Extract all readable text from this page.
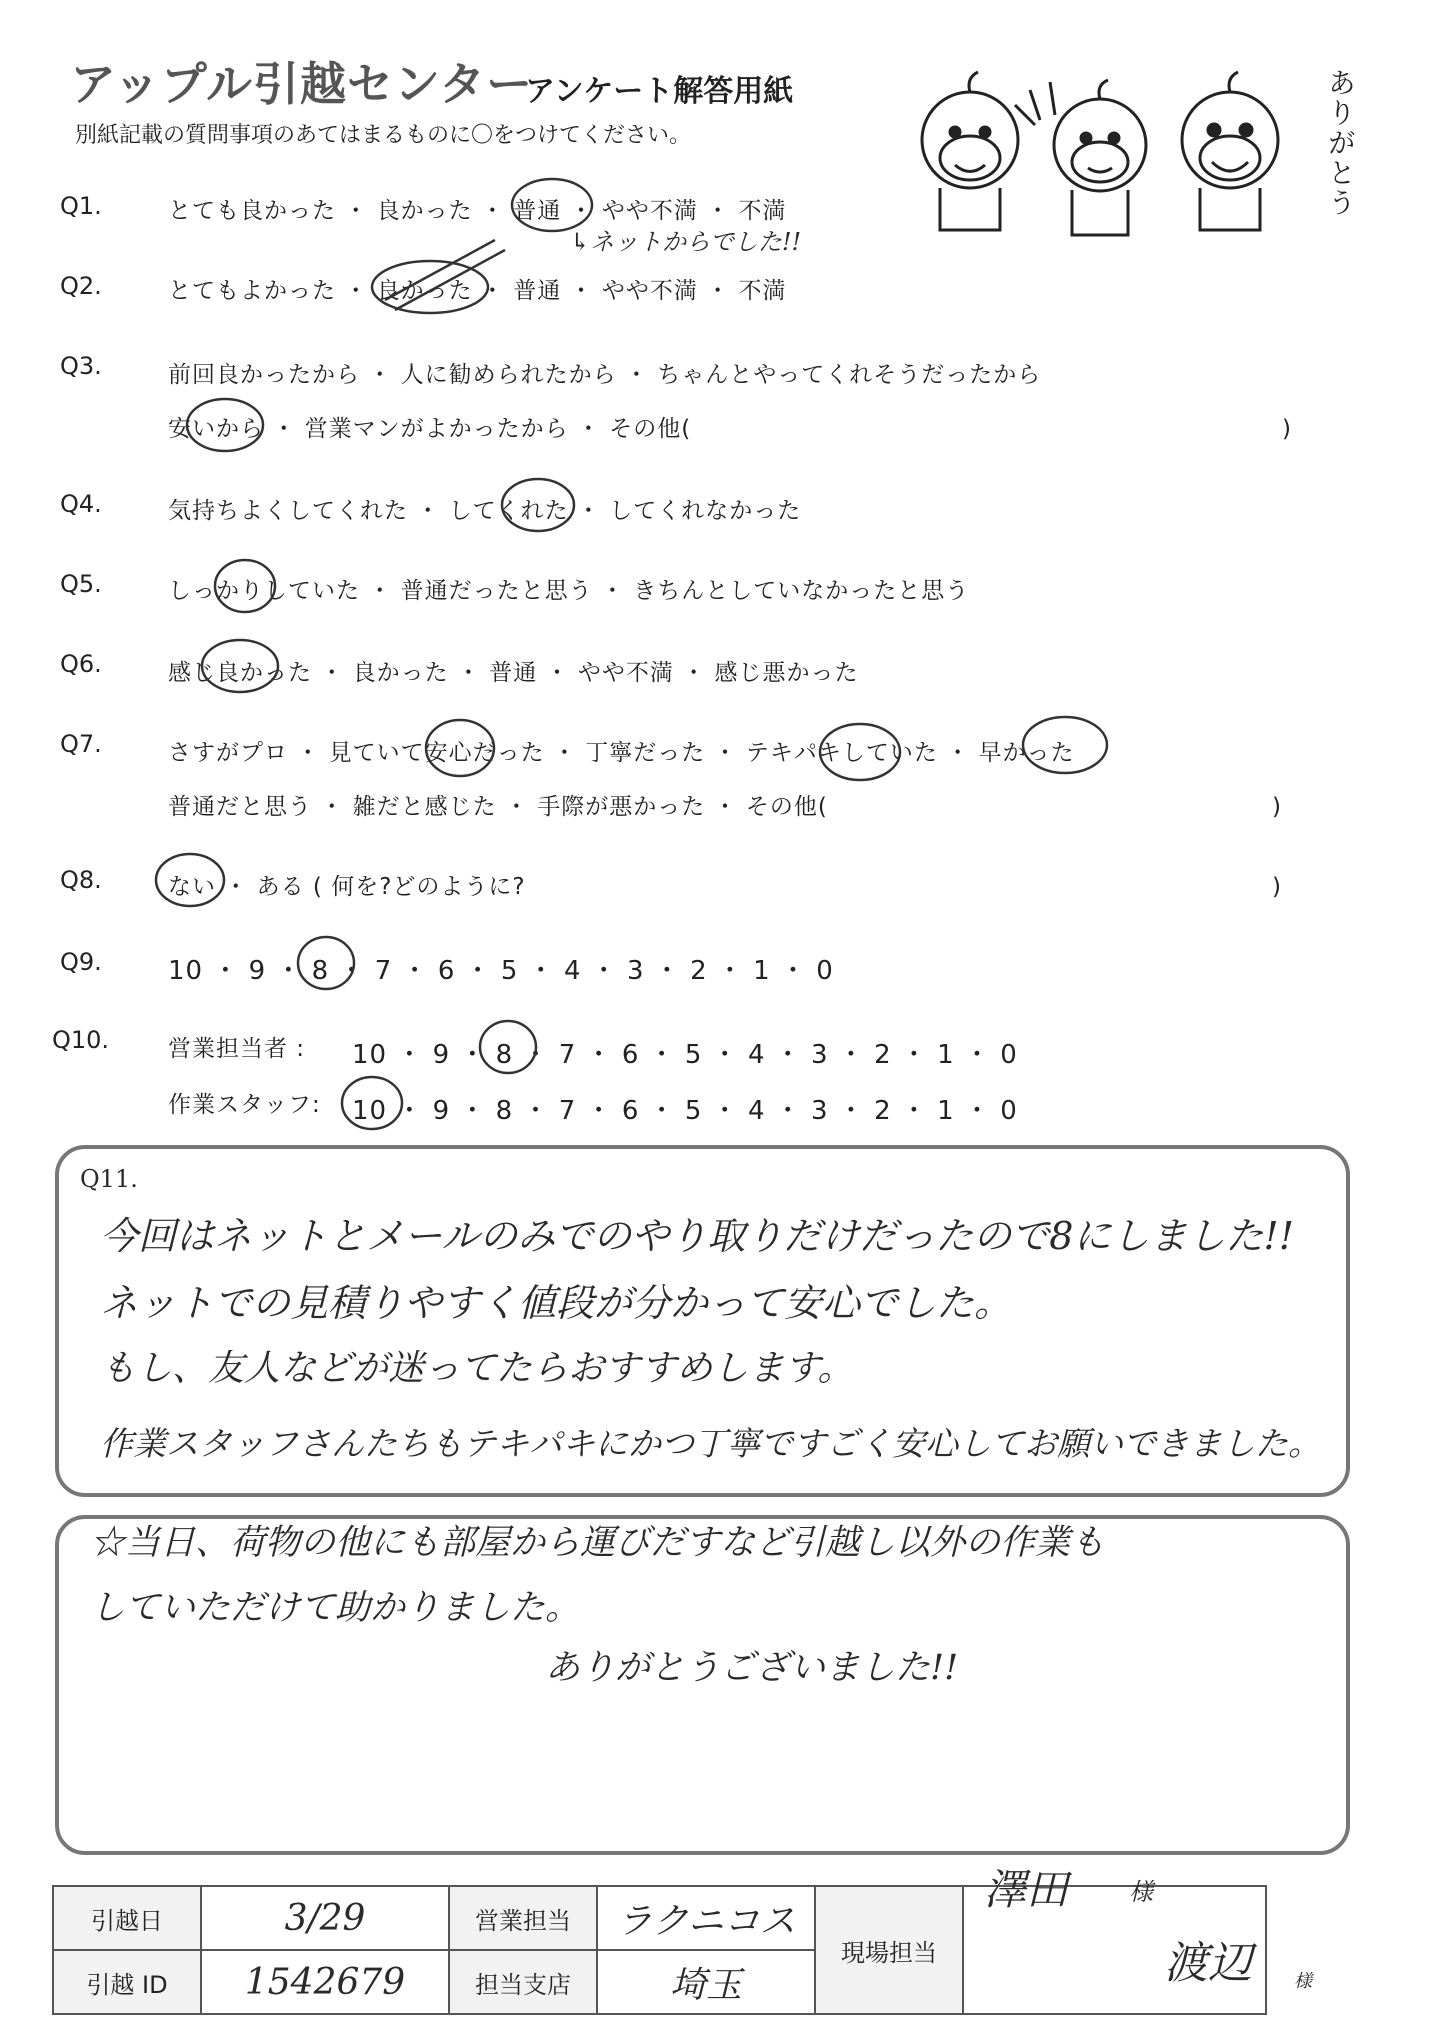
アップル引越センター
アンケート解答用紙
別紙記載の質問事項のあてはまるものに〇をつけてください。	ありがとう
Q1.	とても良かった ・ 良かった ・ 普通 ・ やや不満 ・ 不満
↳ネットからでした!!
Q2.	とてもよかった ・ 良かった ・ 普通 ・ やや不満 ・ 不満
Q3.	前回良かったから ・ 人に勧められたから ・ ちゃんとやってくれそうだったから
安いから ・ 営業マンがよかったから ・ その他(	)
Q4.	気持ちよくしてくれた ・ してくれた ・ してくれなかった
Q5.	しっかりしていた ・ 普通だったと思う ・ きちんとしていなかったと思う
Q6.	感じ良かった ・ 良かった ・ 普通 ・ やや不満 ・ 感じ悪かった
Q7.	さすがプロ ・ 見ていて安心だった ・ 丁寧だった ・ テキパキしていた ・ 早かった
普通だと思う ・ 雑だと感じた ・ 手際が悪かった ・ その他(	)
Q8.	ない ・ ある ( 何を?どのように?	)
Q9.	10 ・ 9 ・ 8 ・ 7 ・ 6 ・ 5 ・ 4 ・ 3 ・ 2 ・ 1 ・ 0
Q10.	営業担当者 : 10 ・ 9 ・ 8 ・ 7 ・ 6 ・ 5 ・ 4 ・ 3 ・ 2 ・ 1 ・ 0
作業スタッフ: 10 ・ 9 ・ 8 ・ 7 ・ 6 ・ 5 ・ 4 ・ 3 ・ 2 ・ 1 ・ 0
Q11.
今回はネットとメールのみでのやり取りだけだったので8にしました!!
ネットでの見積りやすく値段が分かって安心でした。
もし、友人などが迷ってたらおすすめします。
作業スタッフさんたちもテキパキにかつ丁寧ですごく安心してお願いできました。
☆当日、荷物の他にも部屋から運びだすなど引越し以外の作業も
していただけて助かりました。
ありがとうございました!!
引越日	3/29	営業担当	ラクニコス	現場担当	澤田 様
渡辺 様

引越 ID	1542679	担当支店	埼玉		
